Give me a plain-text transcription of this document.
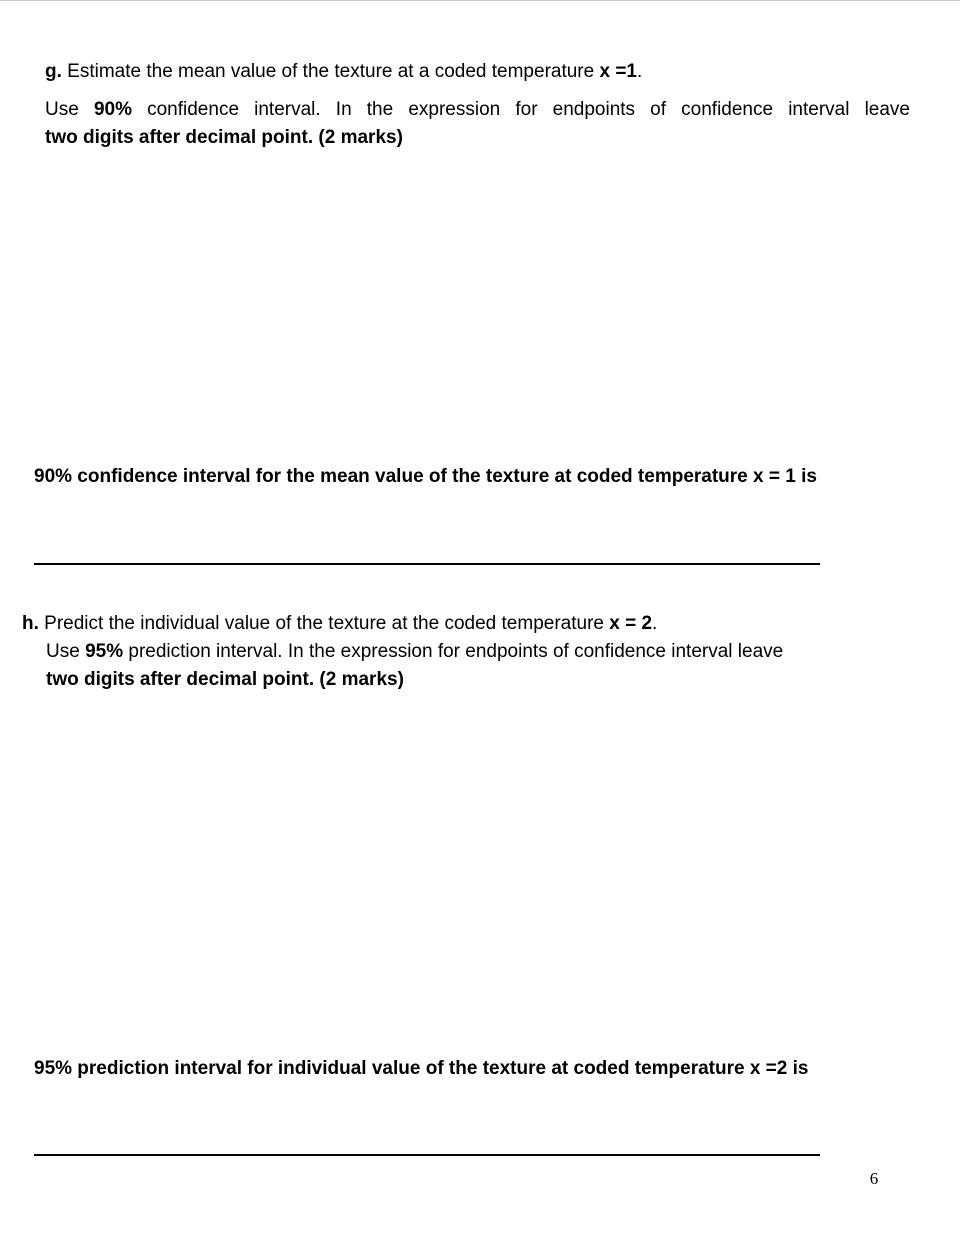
g. Estimate the mean value of the texture at a coded temperature x =1.
Use 90% confidence interval. In the expression for endpoints of confidence interval leave
two digits after decimal point. (2 marks)
90% confidence interval for the mean value of the texture at coded temperature x = 1 is
h. Predict the individual value of the texture at the coded temperature x = 2.
Use 95% prediction interval. In the expression for endpoints of confidence interval leave
two digits after decimal point. (2 marks)
95% prediction interval for individual value of the texture at coded temperature x =2 is
6
